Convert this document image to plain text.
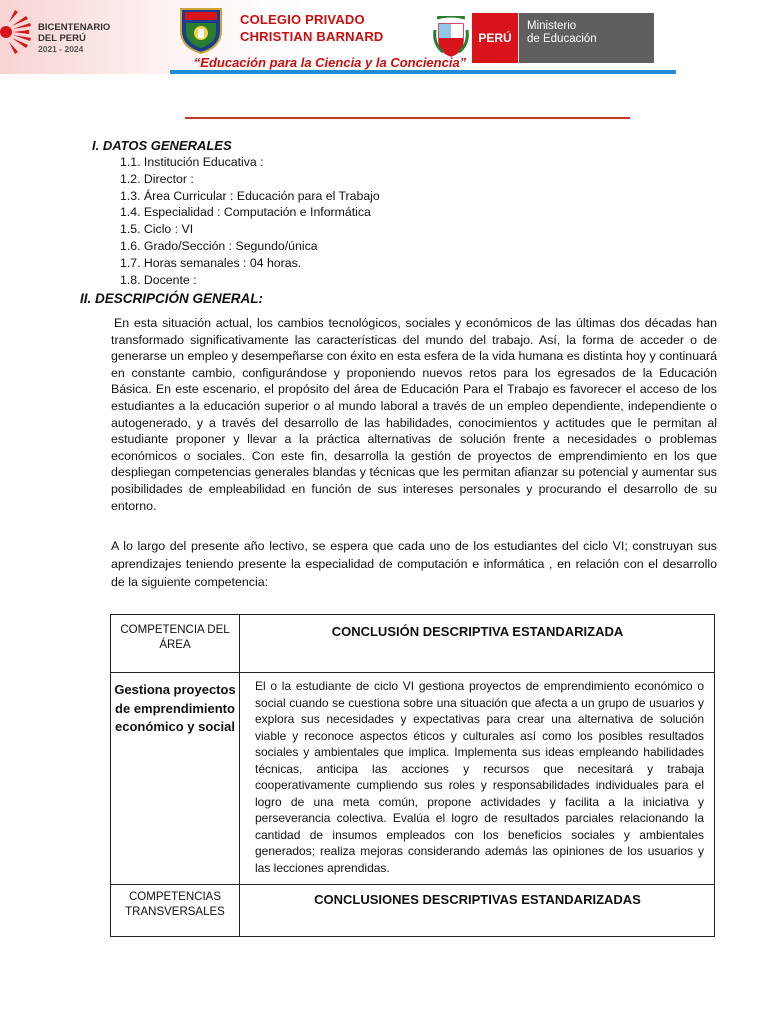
BICENTENARIO
DEL PERÚ
2021 - 2024
COLEGIO PRIVADO
CHRISTIAN BARNARD	PERÚ
Ministerio
de Educación
“Educación para la Ciencia y la Conciencia”
I. DATOS GENERALES
1.1. Institución Educativa :
1.2. Director :
1.3. Área Curricular : Educación para el Trabajo
1.4. Especialidad : Computación e Informática
1.5. Ciclo : VI
1.6. Grado/Sección : Segundo/única
1.7. Horas semanales : 04 horas.
1.8. Docente :
II. DESCRIPCIÓN GENERAL:
En esta situación actual, los cambios tecnológicos, sociales y económicos de las últimas dos décadas han transformado significativamente las características del mundo del trabajo. Así, la forma de acceder o de generarse un empleo y desempeñarse con éxito en esta esfera de la vida humana es distinta hoy y continuará en constante cambio, configurándose y proponiendo nuevos retos para los egresados de la Educación Básica. En este escenario, el propósito del área de Educación Para el Trabajo es favorecer el acceso de los estudiantes a la educación superior o al mundo laboral a través de un empleo dependiente, independiente o autogenerado, y a través del desarrollo de las habilidades, conocimientos y actitudes que le permitan al estudiante proponer y llevar a la práctica alternativas de solución frente a necesidades o problemas económicos o sociales. Con este fin, desarrolla la gestión de proyectos de emprendimiento en los que despliegan competencias generales blandas y técnicas que les permitan afianzar su potencial y aumentar sus posibilidades de empleabilidad en función de sus intereses personales y procurando el desarrollo de su entorno.
A lo largo del presente año lectivo, se espera que cada uno de los estudiantes del ciclo VI; construyan sus aprendizajes teniendo presente la especialidad de computación e informática , en relación con el desarrollo de la siguiente competencia:
COMPETENCIA DEL ÁREA
CONCLUSIÓN DESCRIPTIVA ESTANDARIZADA
Gestiona proyectos de emprendimiento económico y social
El o la estudiante de ciclo VI gestiona proyectos de emprendimiento económico o social cuando se cuestiona sobre una situación que afecta a un grupo de usuarios y explora sus necesidades y expectativas para crear una alternativa de solución viable y reconoce aspectos éticos y culturales así como los posibles resultados sociales y ambientales que implica. Implementa sus ideas empleando habilidades técnicas, anticipa las acciones y recursos que necesitará y trabaja cooperativamente cumpliendo sus roles y responsabilidades individuales para el logro de una meta común, propone actividades y facilita a la iniciativa y perseverancia colectiva. Evalúa el logro de resultados parciales relacionando la cantidad de insumos empleados con los beneficios sociales y ambientales generados; realiza mejoras considerando además las opiniones de los usuarios y las lecciones aprendidas.
COMPETENCIAS TRANSVERSALES
CONCLUSIONES DESCRIPTIVAS ESTANDARIZADAS
